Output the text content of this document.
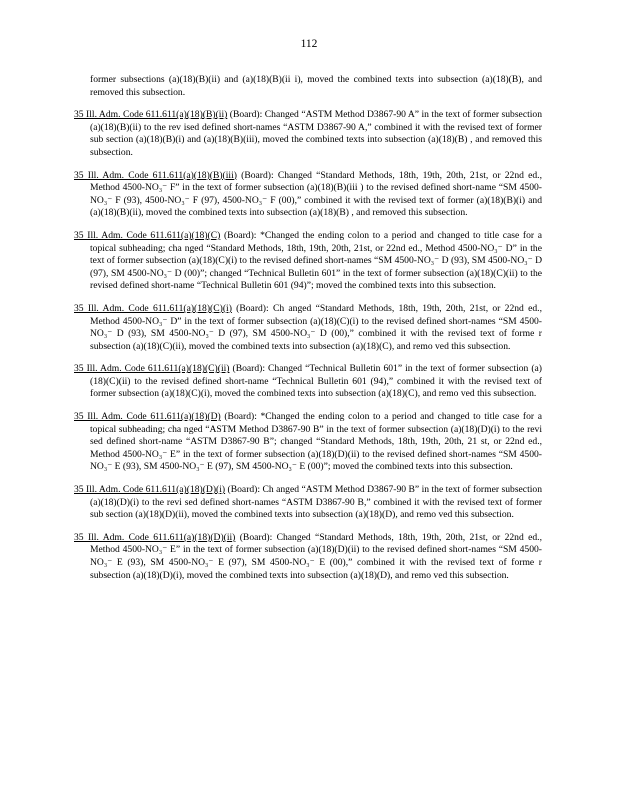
112

former subsections (a)(18)(B)(ii) and (a)(18)(B)(ii i), moved the combined texts into subsection (a)(18)(B), and removed this subsection.

35 Ill. Adm. Code 611.611(a)(18)(B)(ii) (Board): Changed “ASTM Method D3867-90 A” in the text of former subsection (a)(18)(B)(ii) to the rev ised defined short-names “ASTM D3867-90 A,” combined it with the revised text of former sub section (a)(18)(B)(i) and (a)(18)(B)(iii), moved the combined texts into subsection (a)(18)(B) , and removed this subsection.

35 Ill. Adm. Code 611.611(a)(18)(B)(iii) (Board): Changed “Standard Methods, 18th, 19th, 20th, 21st, or 22nd ed., Method 4500-NO₃⁻ F” in the text of former subsection (a)(18)(B)(iii ) to the revised defined short-name “SM 4500-NO₃⁻ F (93), 4500-NO₃⁻ F (97), 4500-NO₃⁻ F (00),” combined it with the revised text of former (a)(18)(B)(i) and (a)(18)(B)(ii), moved the combined texts into subsection (a)(18)(B) , and removed this subsection.

35 Ill. Adm. Code 611.611(a)(18)(C) (Board): *Changed the ending colon to a period and changed to title case for a topical subheading; cha nged “Standard Methods, 18th, 19th, 20th, 21st, or 22nd ed., Method 4500-NO₃⁻ D” in the text of former subsection (a)(18)(C)(i) to the revised defined short-names “SM 4500-NO₃⁻ D (93), SM 4500-NO₃⁻ D (97), SM 4500-NO₃⁻ D (00)”; changed “Technical Bulletin 601” in the text of former subsection (a)(18)(C)(ii) to the revised defined short-name “Technical Bulletin 601 (94)”; moved the combined texts into this subsection.

35 Ill. Adm. Code 611.611(a)(18)(C)(i) (Board): Ch anged “Standard Methods, 18th, 19th, 20th, 21st, or 22nd ed., Method 4500-NO₃⁻ D” in the text of former subsection (a)(18)(C)(i) to the revised defined short-names “SM 4500-NO₃⁻ D (93), SM 4500-NO₃⁻ D (97), SM 4500-NO₃⁻ D (00),” combined it with the revised text of forme r subsection (a)(18)(C)(ii), moved the combined texts into subsection (a)(18)(C), and remo ved this subsection.

35 Ill. Adm. Code 611.611(a)(18)(C)(ii) (Board): Changed “Technical Bulletin 601” in the text of former subsection (a)(18)(C)(ii) to the revised defined short-name “Technical Bulletin 601 (94),” combined it with the revised text of former subsection (a)(18)(C)(i), moved the combined texts into subsection (a)(18)(C), and remo ved this subsection.

35 Ill. Adm. Code 611.611(a)(18)(D) (Board): *Changed the ending colon to a period and changed to title case for a topical subheading; cha nged “ASTM Method D3867-90 B” in the text of former subsection (a)(18)(D)(i) to the revi sed defined short-name “ASTM D3867-90 B”; changed “Standard Methods, 18th, 19th, 20th, 21 st, or 22nd ed., Method 4500-NO₃⁻ E” in the text of former subsection (a)(18)(D)(ii) to the revised defined short-names “SM 4500-NO₃⁻ E (93), SM 4500-NO₃⁻ E (97), SM 4500-NO₃⁻ E (00)”; moved the combined texts into this subsection.

35 Ill. Adm. Code 611.611(a)(18)(D)(i) (Board): Ch anged “ASTM Method D3867-90 B” in the text of former subsection (a)(18)(D)(i) to the revi sed defined short-names “ASTM D3867-90 B,” combined it with the revised text of former sub section (a)(18)(D)(ii), moved the combined texts into subsection (a)(18)(D), and remo ved this subsection.

35 Ill. Adm. Code 611.611(a)(18)(D)(ii) (Board): Changed “Standard Methods, 18th, 19th, 20th, 21st, or 22nd ed., Method 4500-NO₃⁻ E” in the text of former subsection (a)(18)(D)(ii) to the revised defined short-names “SM 4500-NO₃⁻ E (93), SM 4500-NO₃⁻ E (97), SM 4500-NO₃⁻ E (00),” combined it with the revised text of forme r subsection (a)(18)(D)(i), moved the combined texts into subsection (a)(18)(D), and remo ved this subsection.
